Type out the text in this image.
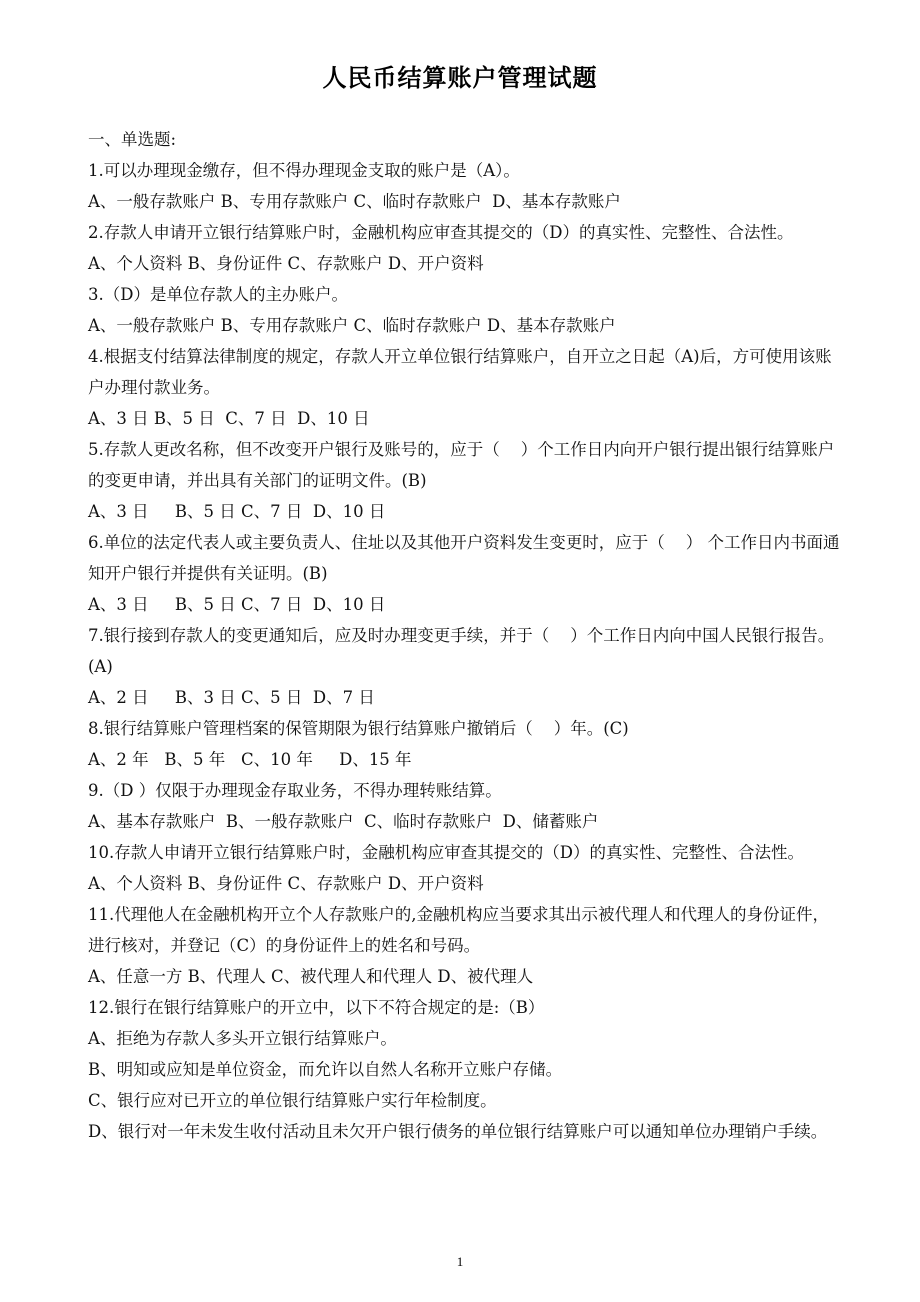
人民币结算账户管理试题

一、单选题:

1.可以办理现金缴存，但不得办理现金支取的账户是（A）。

A、一般存款账户 B、专用存款账户 C、临时存款账户  D、基本存款账户

2.存款人申请开立银行结算账户时，金融机构应审查其提交的（D）的真实性、完整性、合法性。

A、个人资料 B、身份证件 C、存款账户 D、开户资料

3.（D）是单位存款人的主办账户。

A、一般存款账户 B、专用存款账户 C、临时存款账户 D、基本存款账户

4.根据支付结算法律制度的规定，存款人开立单位银行结算账户，自开立之日起（A)后，方可使用该账户办理付款业务。

A、3 日 B、5 日  C、7 日  D、10 日

5.存款人更改名称，但不改变开户银行及账号的，应于（    ）个工作日内向开户银行提出银行结算账户的变更申请，并出具有关部门的证明文件。(B)

A、3 日     B、5 日 C、7 日  D、10 日

6.单位的法定代表人或主要负责人、住址以及其他开户资料发生变更时，应于（    ） 个工作日内书面通知开户银行并提供有关证明。(B)

A、3 日     B、5 日 C、7 日  D、10 日

7.银行接到存款人的变更通知后，应及时办理变更手续，并于（    ）个工作日内向中国人民银行报告。(A)

A、2 日     B、3 日 C、5 日  D、7 日

8.银行结算账户管理档案的保管期限为银行结算账户撤销后（    ）年。(C)

A、2 年   B、5 年   C、10 年     D、15 年

9.（D ）仅限于办理现金存取业务，不得办理转账结算。

A、基本存款账户  B、一般存款账户  C、临时存款账户  D、储蓄账户

10.存款人申请开立银行结算账户时，金融机构应审查其提交的（D）的真实性、完整性、合法性。

A、个人资料 B、身份证件 C、存款账户 D、开户资料

11.代理他人在金融机构开立个人存款账户的,金融机构应当要求其出示被代理人和代理人的身份证件，进行核对，并登记（C）的身份证件上的姓名和号码。

A、任意一方 B、代理人 C、被代理人和代理人 D、被代理人

12.银行在银行结算账户的开立中，以下不符合规定的是:（B）

A、拒绝为存款人多头开立银行结算账户。

B、明知或应知是单位资金，而允许以自然人名称开立账户存储。

C、银行应对已开立的单位银行结算账户实行年检制度。

D、银行对一年未发生收付活动且未欠开户银行债务的单位银行结算账户可以通知单位办理销户手续。

1
